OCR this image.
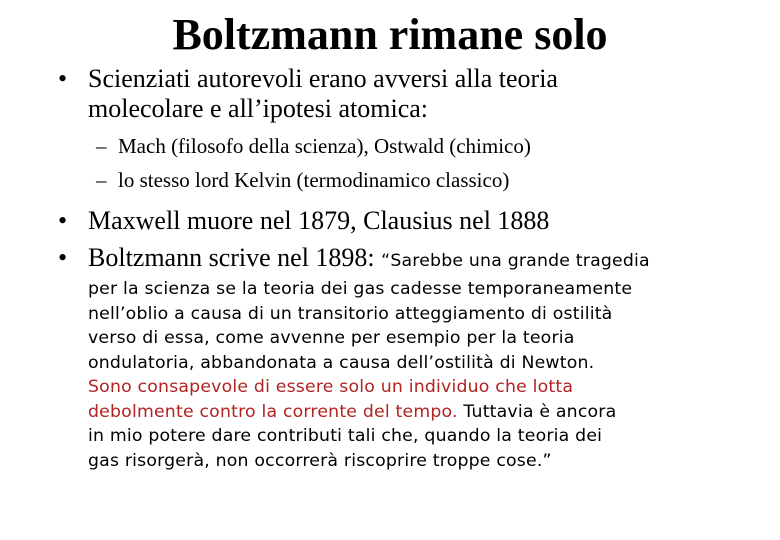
Boltzmann rimane solo
• Scienziati autorevoli erano avversi alla teoria
molecolare e all’ipotesi atomica:
– Mach (filosofo della scienza), Ostwald (chimico)
– lo stesso lord Kelvin (termodinamico classico)
• Maxwell muore nel 1879, Clausius nel 1888
• Boltzmann scrive nel 1898: “Sarebbe una grande tragedia
per la scienza se la teoria dei gas cadesse temporaneamente
nell’oblio a causa di un transitorio atteggiamento di ostilità
verso di essa, come avvenne per esempio per la teoria
ondulatoria, abbandonata a causa dell’ostilità di Newton.
Sono consapevole di essere solo un individuo che lotta
debolmente contro la corrente del tempo. Tuttavia è ancora
in mio potere dare contributi tali che, quando la teoria dei
gas risorgerà, non occorrerà riscoprire troppe cose.”
